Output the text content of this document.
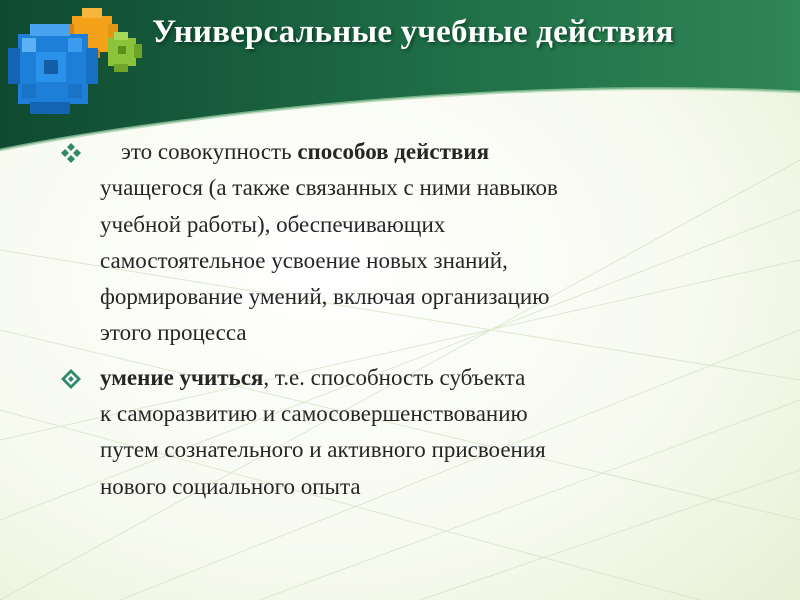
Универсальные учебные действия
это совокупность способов действия
учащегося (а также связанных с ними навыков
учебной работы), обеспечивающих
самостоятельное усвоение новых знаний,
формирование умений, включая организацию
этого процесса
умение учиться, т.е. способность субъекта
к саморазвитию и самосовершенствованию
путем сознательного и активного присвоения
нового социального опыта
